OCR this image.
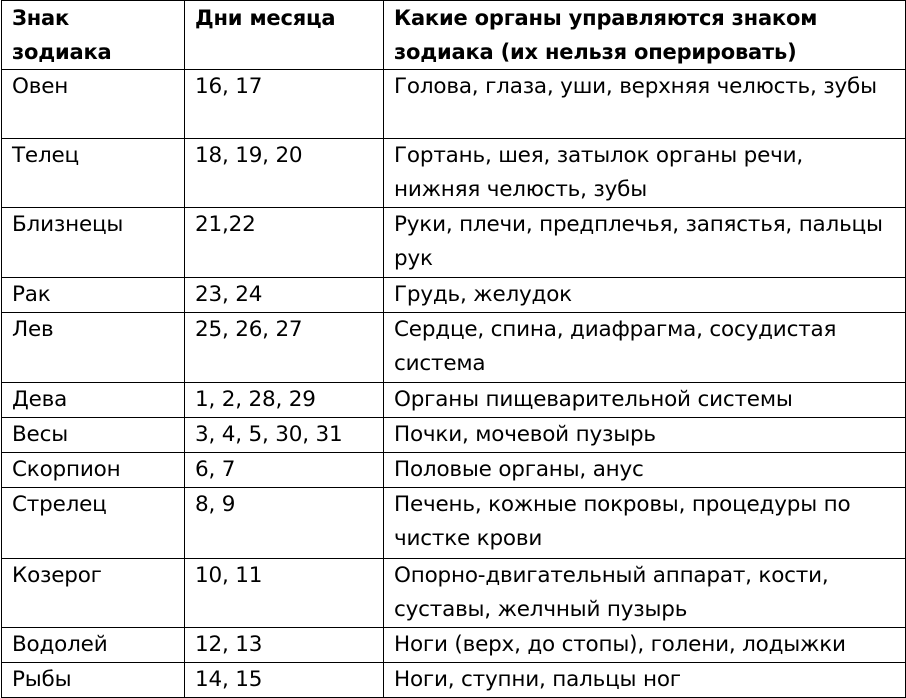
Знак зодиака	Дни месяца	Какие органы управляются знаком зодиака (их нельзя оперировать)
Овен	16, 17	Голова, глаза, уши, верхняя челюсть, зубы
Телец	18, 19, 20	Гортань, шея, затылок органы речи, нижняя челюсть, зубы
Близнецы	21,22	Руки, плечи, предплечья, запястья, пальцы рук
Рак	23, 24	Грудь, желудок
Лев	25, 26, 27	Сердце, спина, диафрагма, сосудистая система
Дева	1, 2, 28, 29	Органы пищеварительной системы
Весы	3, 4, 5, 30, 31	Почки, мочевой пузырь
Скорпион	6, 7	Половые органы, анус
Стрелец	8, 9	Печень, кожные покровы, процедуры по чистке крови
Козерог	10, 11	Опорно-двигательный аппарат, кости, суставы, желчный пузырь
Водолей	12, 13	Ноги (верх, до стопы), голени, лодыжки
Рыбы	14, 15	Ноги, ступни, пальцы ног
